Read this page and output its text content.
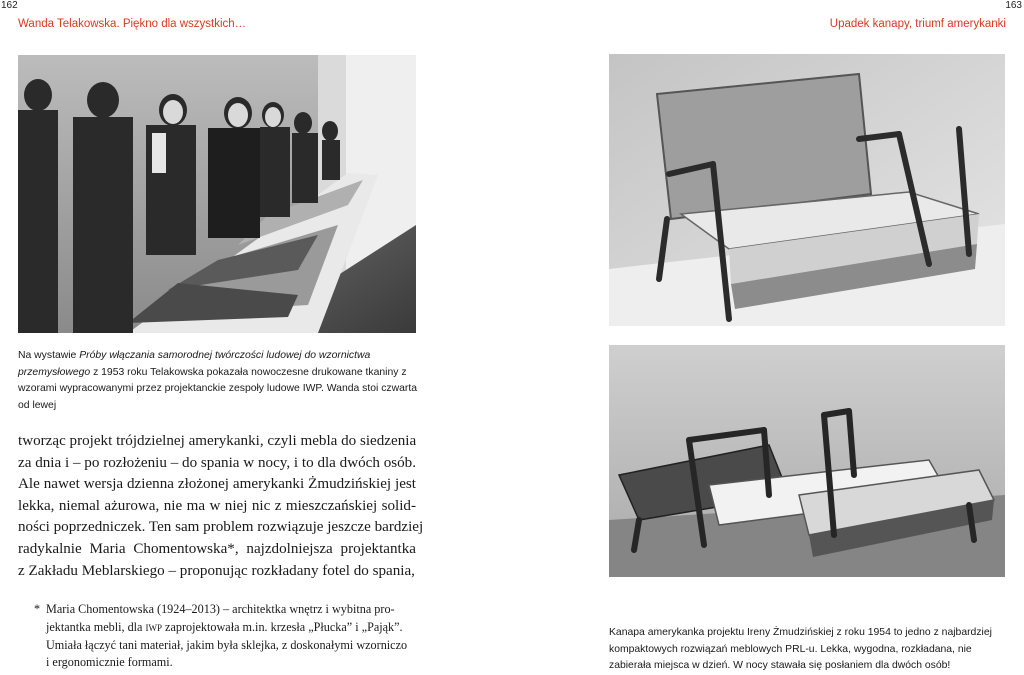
162	163
Wanda Telakowska. Piękno dla wszystkich…	Upadek kanapy, triumf amerykanki
Na wystawie Próby włączania samorodnej twórczości ludowej do wzornictwa przemysłowego z 1953 roku Telakowska pokazała nowoczesne drukowane tkaniny z wzorami wypracowanymi przez projektanckie zespoły ludowe IWP. Wanda stoi czwarta od lewej
tworząc projekt trójdzielnej amerykanki, czyli mebla do siedzenia
za dnia i – po rozłożeniu – do spania w nocy, i to dla dwóch osób.
Ale nawet wersja dzienna złożonej amerykanki Żmudzińskiej jest
lekka, niemal ażurowa, nie ma w niej nic z mieszczańskiej solid-
ności poprzedniczek. Ten sam problem rozwiązuje jeszcze bardziej
radykalnie Maria Chomentowska*, najzdolniejsza projektantka
z Zakładu Meblarskiego – proponując rozkładany fotel do spania,
* Maria Chomentowska (1924–2013) – architektka wnętrz i wybitna pro-
jektantka mebli, dla iwp zaprojektowała m.in. krzesła „Płucka” i „Pająk”.
Umiała łączyć tani materiał, jakim była sklejka, z doskonałymi wzorniczo
i ergonomicznie formami.
Kanapa amerykanka projektu Ireny Żmudzińskiej z roku 1954 to jedno z najbardziej kompaktowych rozwiązań meblowych PRL-u. Lekka, wygodna, rozkładana, nie zabierała miejsca w dzień. W nocy stawała się posłaniem dla dwóch osób!
